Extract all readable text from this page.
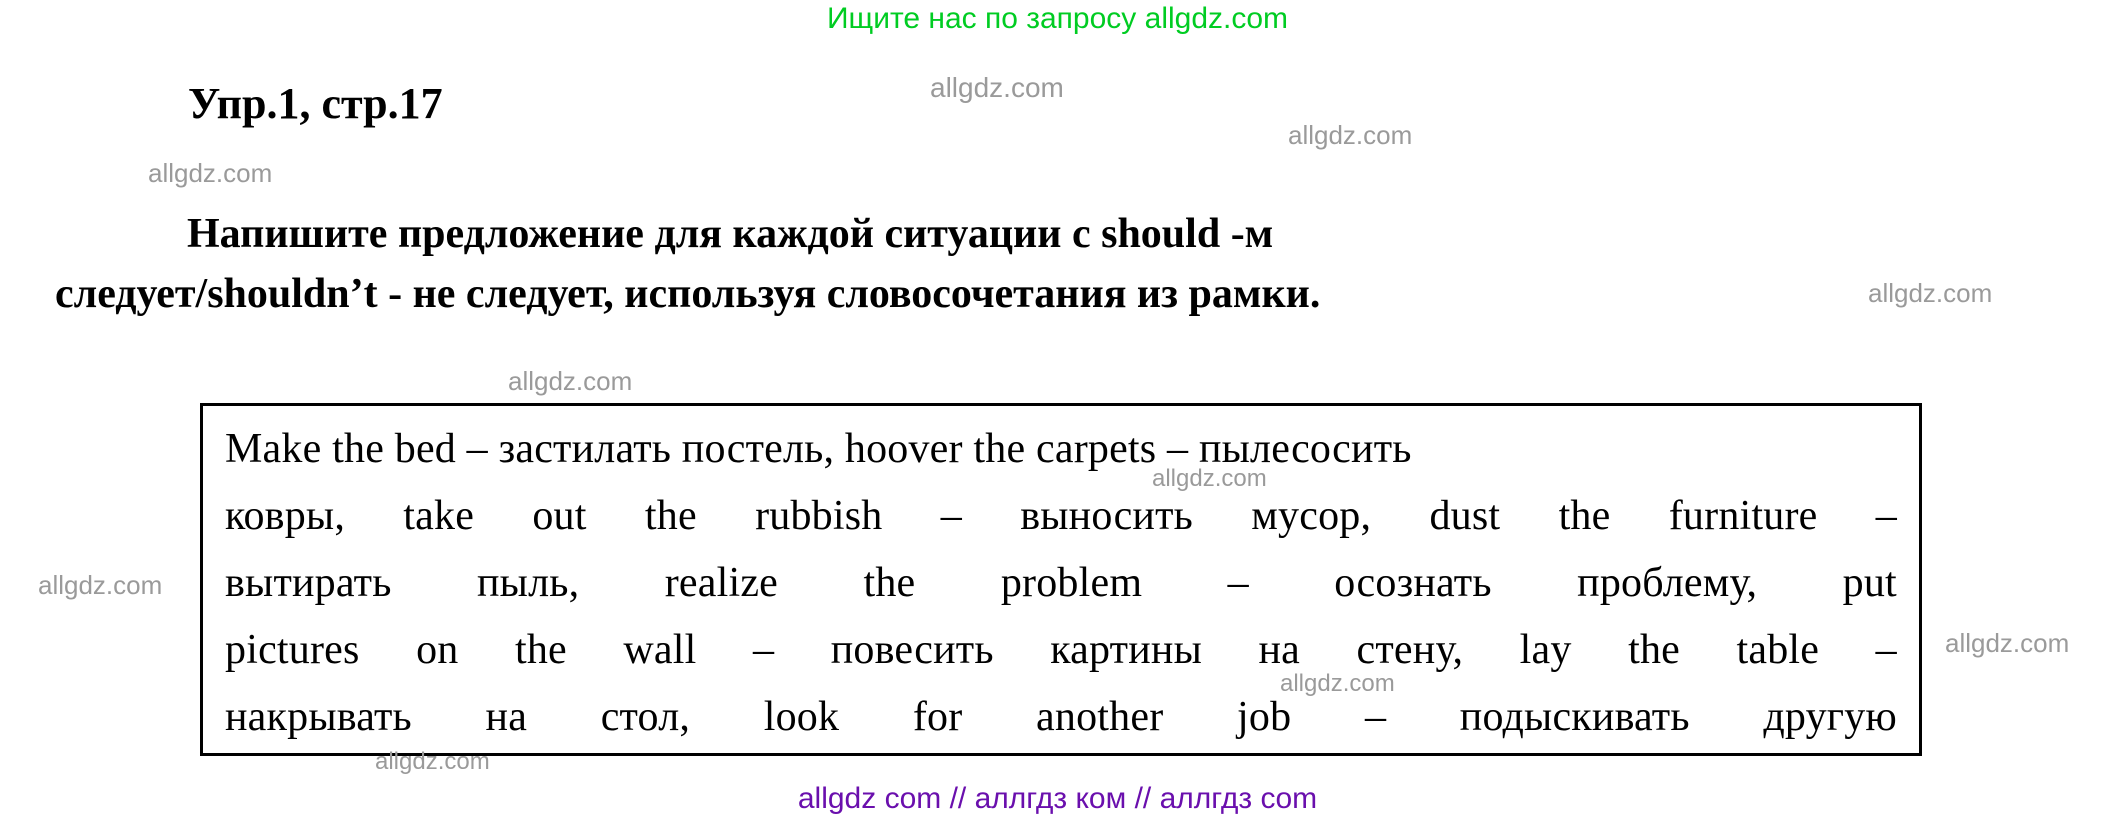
Ищите нас по запросу allgdz.com
Упр.1, стр.17
Напишите предложение для каждой ситуации с should -м
следует/shouldn’t - не следует, используя словосочетания из рамки.
Make the bed – застилать постель, hoover the carpets – пылесосить
ковры, take out the rubbish – выносить мусор, dust the furniture –
вытирать пыль, realize the problem – осознать проблему, put
pictures on the wall – повесить картины на стену, lay the table –
накрывать на стол, look for another job – подыскивать другую
allgdz.com
allgdz.com
allgdz.com
allgdz.com
allgdz.com
allgdz.com
allgdz.com
allgdz.com
allgdz.com
allgdz.com
allgdz com // аллгдз ком // аллгдз com
